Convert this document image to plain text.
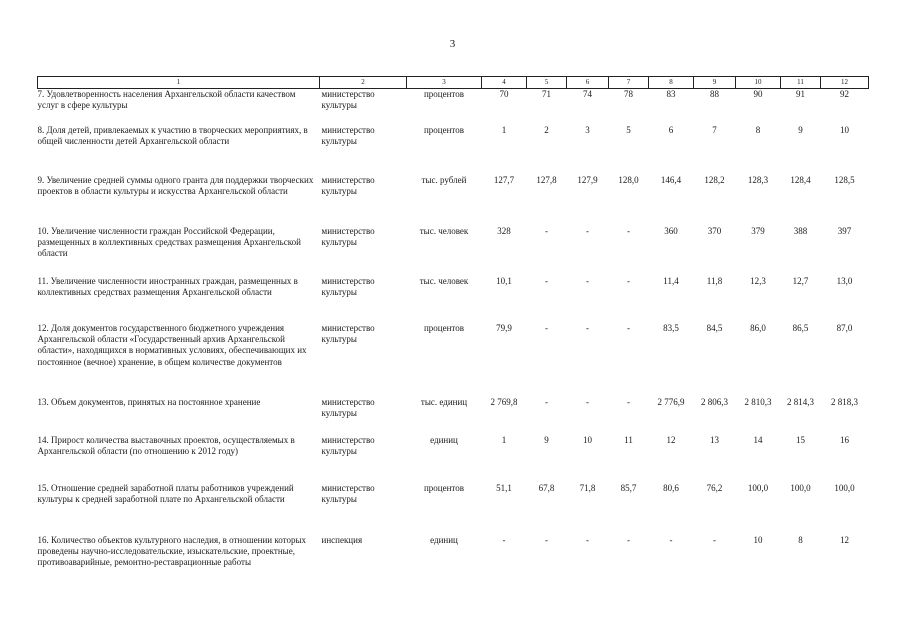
3
1	2	3	4	5	6	7	8	9	10	11	12
7. Удовлетворенность населения Архангельской области качеством услуг в сфере культуры	министерство культуры	процентов	70	71	74	78	83	88	90	91	92
8. Доля детей, привлекаемых к участию в творческих мероприятиях, в общей численности детей Архангельской области	министерство культуры	процентов	1	2	3	5	6	7	8	9	10
9. Увеличение средней суммы одного гранта для поддержки творческих проектов в области культуры и искусства Архангельской области	министерство культуры	тыс. рублей	127,7	127,8	127,9	128,0	146,4	128,2	128,3	128,4	128,5
10. Увеличение численности граждан Российской Федерации, размещенных в коллективных средствах размещения Архангельской области	министерство культуры	тыс. человек	328	-	-	-	360	370	379	388	397
11. Увеличение численности иностранных граждан, размещенных в коллективных средствах размещения Архангельской области	министерство культуры	тыс. человек	10,1	-	-	-	11,4	11,8	12,3	12,7	13,0
12. Доля документов государственного бюджетного учреждения Архангельской области «Государственный архив Архангельской области», находящихся в нормативных условиях, обеспечивающих их постоянное (вечное) хранение, в общем количестве документов	министерство культуры	процентов	79,9	-	-	-	83,5	84,5	86,0	86,5	87,0
13. Объем документов, принятых на постоянное хранение	министерство культуры	тыс. единиц	2 769,8	-	-	-	2 776,9	2 806,3	2 810,3	2 814,3	2 818,3
14. Прирост количества выставочных проектов, осуществляемых в Архангельской области (по отношению к 2012 году)	министерство культуры	единиц	1	9	10	11	12	13	14	15	16
15. Отношение средней заработной платы работников учреждений культуры к средней заработной плате по Архангельской области	министерство культуры	процентов	51,1	67,8	71,8	85,7	80,6	76,2	100,0	100,0	100,0
16. Количество объектов культурного наследия, в отношении которых проведены научно-исследовательские, изыскательские, проектные, противоаварийные, ремонтно-реставрационные работы	инспекция	единиц	-	-	-	-	-	-	10	8	12
